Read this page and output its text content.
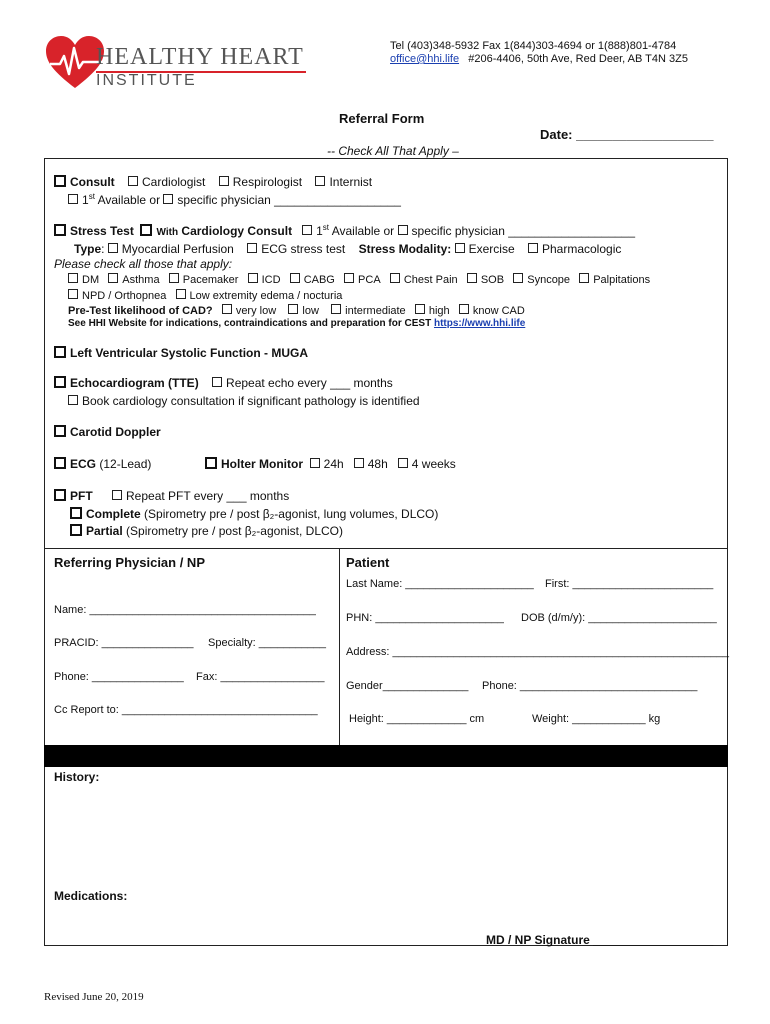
HEALTHY HEART
INSTITUTE
Tel (403)348-5932 Fax 1(844)303-4694 or 1(888)801-4784
office@hhi.life #206-4406, 50th Ave, Red Deer, AB T4N 3Z5
Referral Form
Date: ___________________
-- Check All That Apply –
Consult Cardiologist Respirologist Internist
1st Available or specific physician ___________________
Stress Test With Cardiology Consult 1st Available or specific physician ___________________
Type: Myocardial Perfusion ECG stress test Stress Modality: Exercise Pharmacologic
Please check all those that apply:
DM Asthma Pacemaker ICD CABG PCA Chest Pain SOB Syncope Palpitations
NPD / Orthopnea Low extremity edema / nocturia
Pre-Test likelihood of CAD? very low low intermediate high know CAD
See HHI Website for indications, contraindications and preparation for CEST https://www.hhi.life
Left Ventricular Systolic Function - MUGA
Echocardiogram (TTE) Repeat echo every ___ months
Book cardiology consultation if significant pathology is identified
Carotid Doppler
ECG (12-Lead)	Holter Monitor 24h 48h 4 weeks
PFT	Repeat PFT every ___ months
Complete (Spirometry pre / post β₂-agonist, lung volumes, DLCO)
Partial (Spirometry pre / post β₂-agonist, DLCO)
Referring Physician / NP
Name: _____________________________________
PRACID: _______________ Specialty: ___________
Phone: _______________ Fax: _________________
Cc Report to: ________________________________
Patient
Last Name: _____________________ First: _______________________
PHN: _____________________ DOB (d/m/y): _____________________
Address: _______________________________________________________
Gender______________ Phone: _____________________________
Height: _____________ cm	Weight: ____________ kg
History:
Medications:
MD / NP Signature __________________
Revised June 20, 2019
